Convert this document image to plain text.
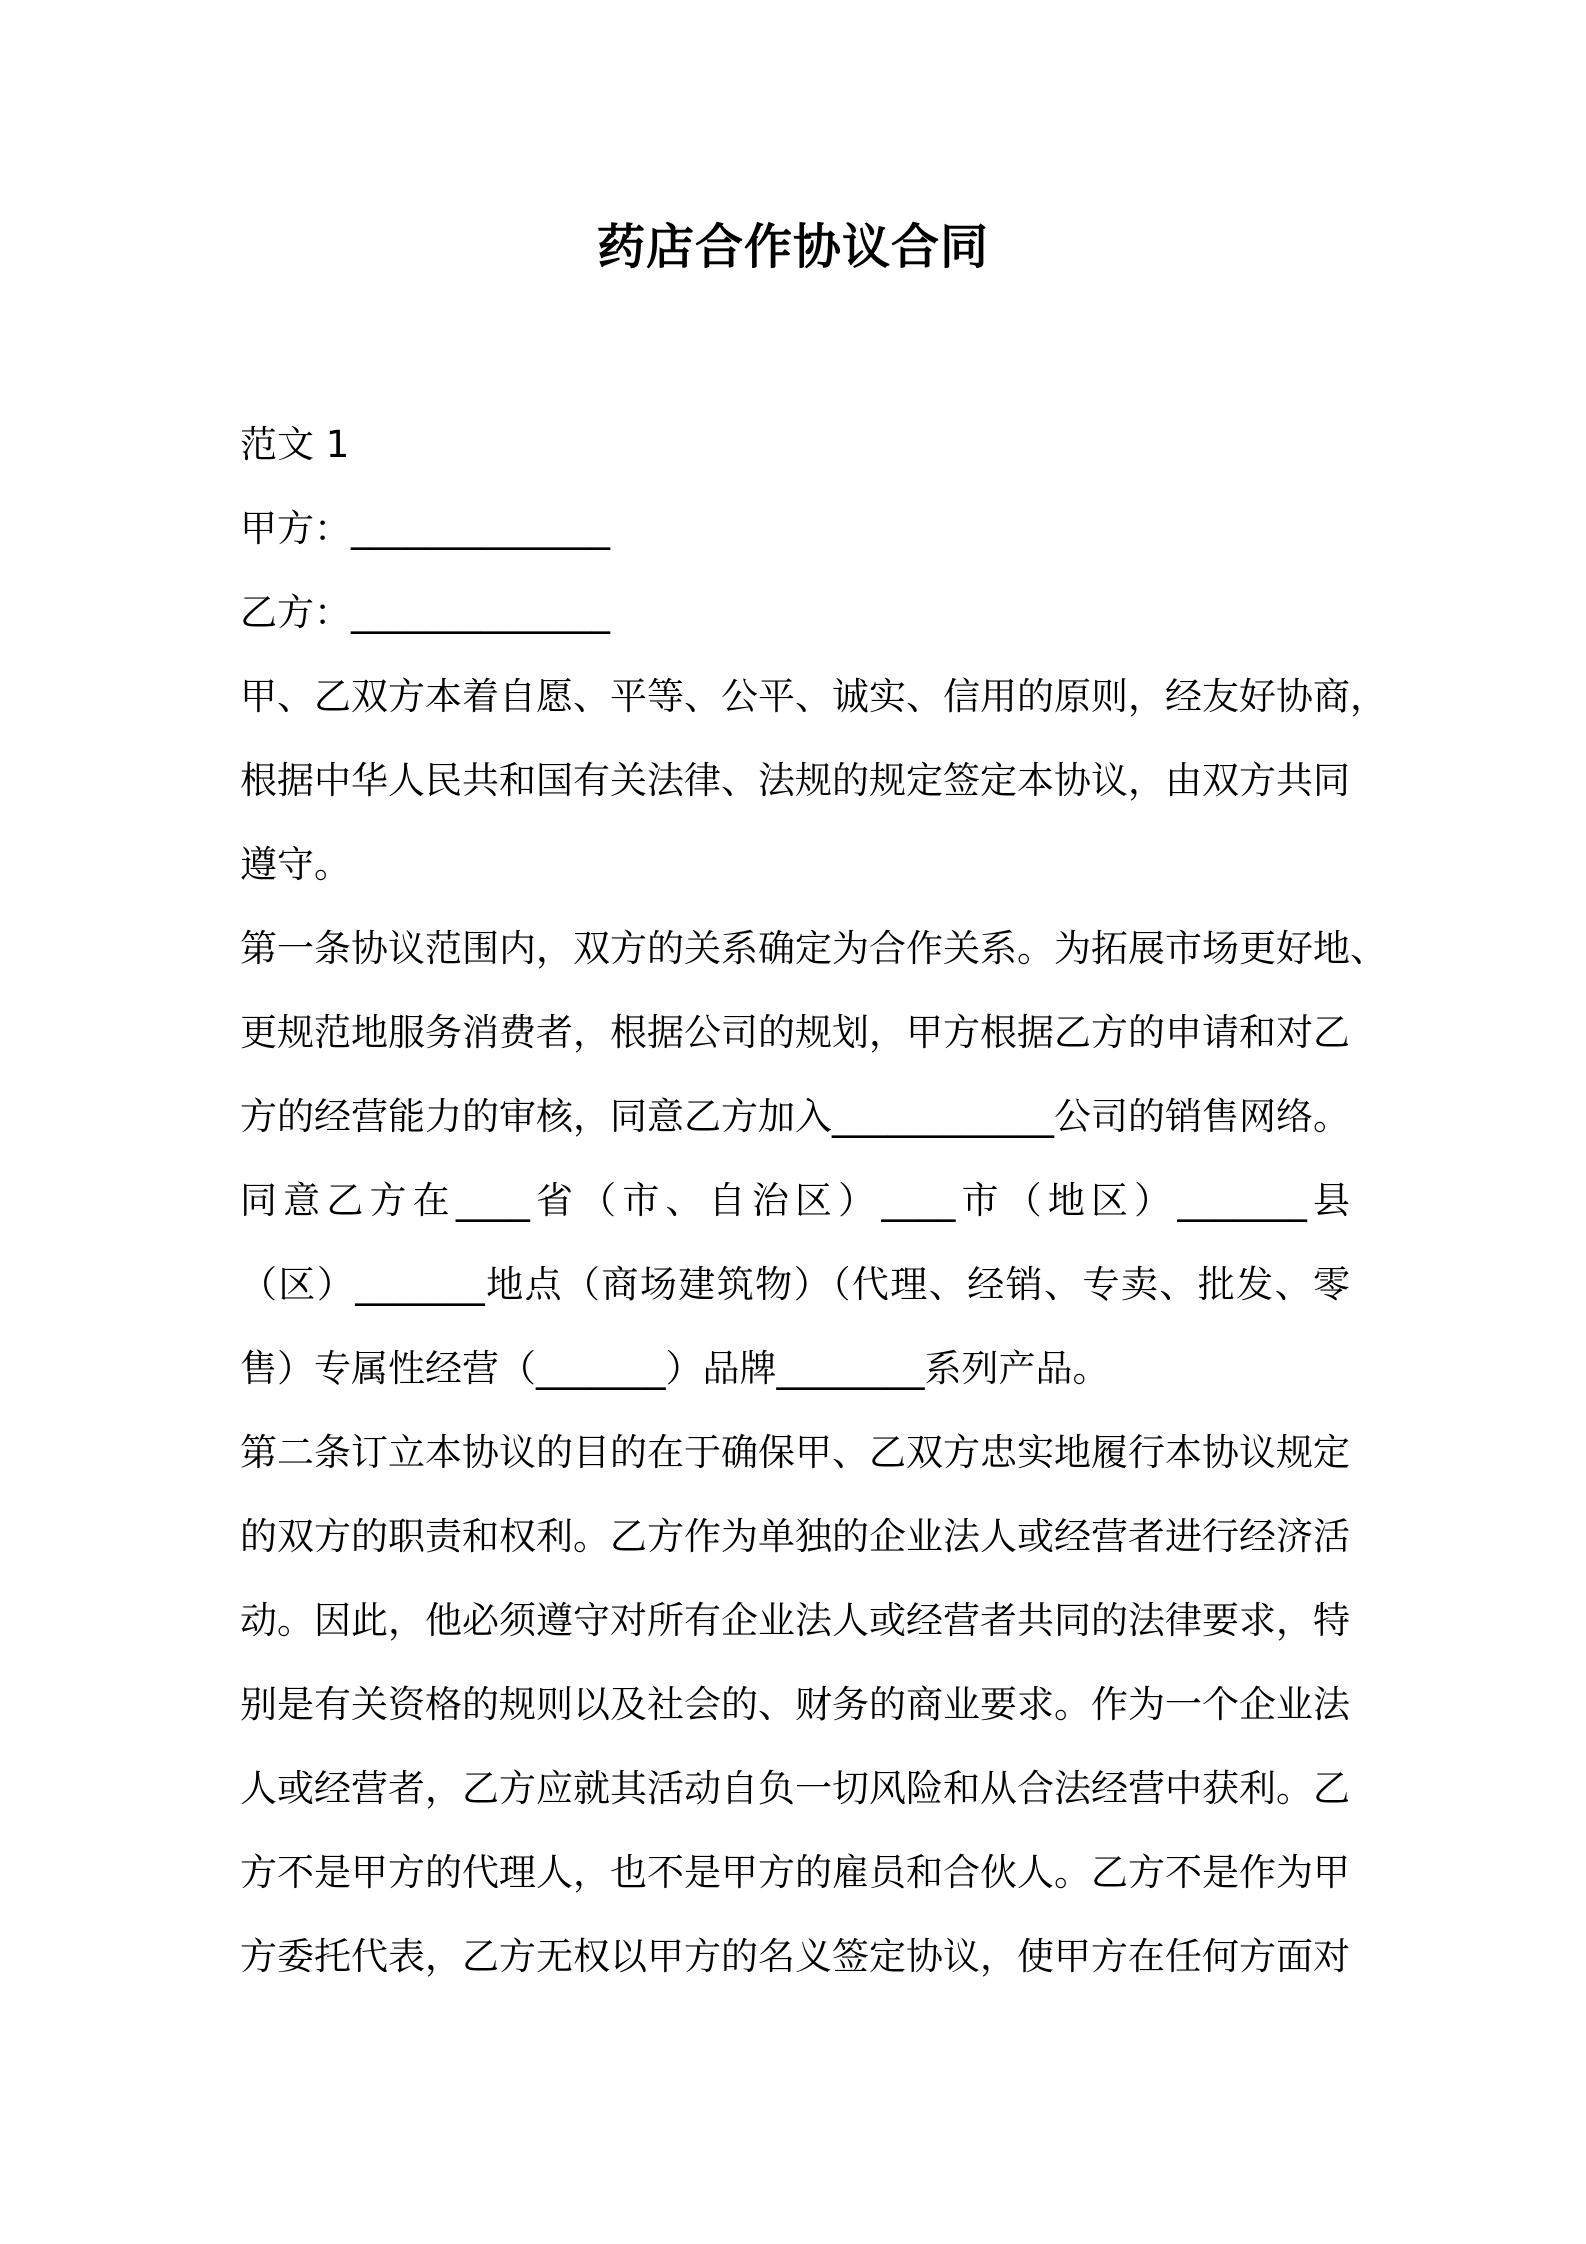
药店合作协议合同
范文 1
甲方：______________
乙方：______________
甲、乙双方本着自愿、平等、公平、诚实、信用的原则，经友好协商，
根据中华人民共和国有关法律、法规的规定签定本协议，由双方共同
遵守。
第一条协议范围内，双方的关系确定为合作关系。为拓展市场更好地、
更规范地服务消费者，根据公司的规划，甲方根据乙方的申请和对乙
方的经营能力的审核，同意乙方加入____________公司的销售网络。
同意乙方在____省（市、自治区）____市（地区）_______县
（区）_______地点（商场建筑物）（代理、经销、专卖、批发、零
售）专属性经营（_______）品牌________系列产品。
第二条订立本协议的目的在于确保甲、乙双方忠实地履行本协议规定
的双方的职责和权利。乙方作为单独的企业法人或经营者进行经济活
动。因此，他必须遵守对所有企业法人或经营者共同的法律要求，特
别是有关资格的规则以及社会的、财务的商业要求。作为一个企业法
人或经营者，乙方应就其活动自负一切风险和从合法经营中获利。乙
方不是甲方的代理人，也不是甲方的雇员和合伙人。乙方不是作为甲
方委托代表，乙方无权以甲方的名义签定协议，使甲方在任何方面对
